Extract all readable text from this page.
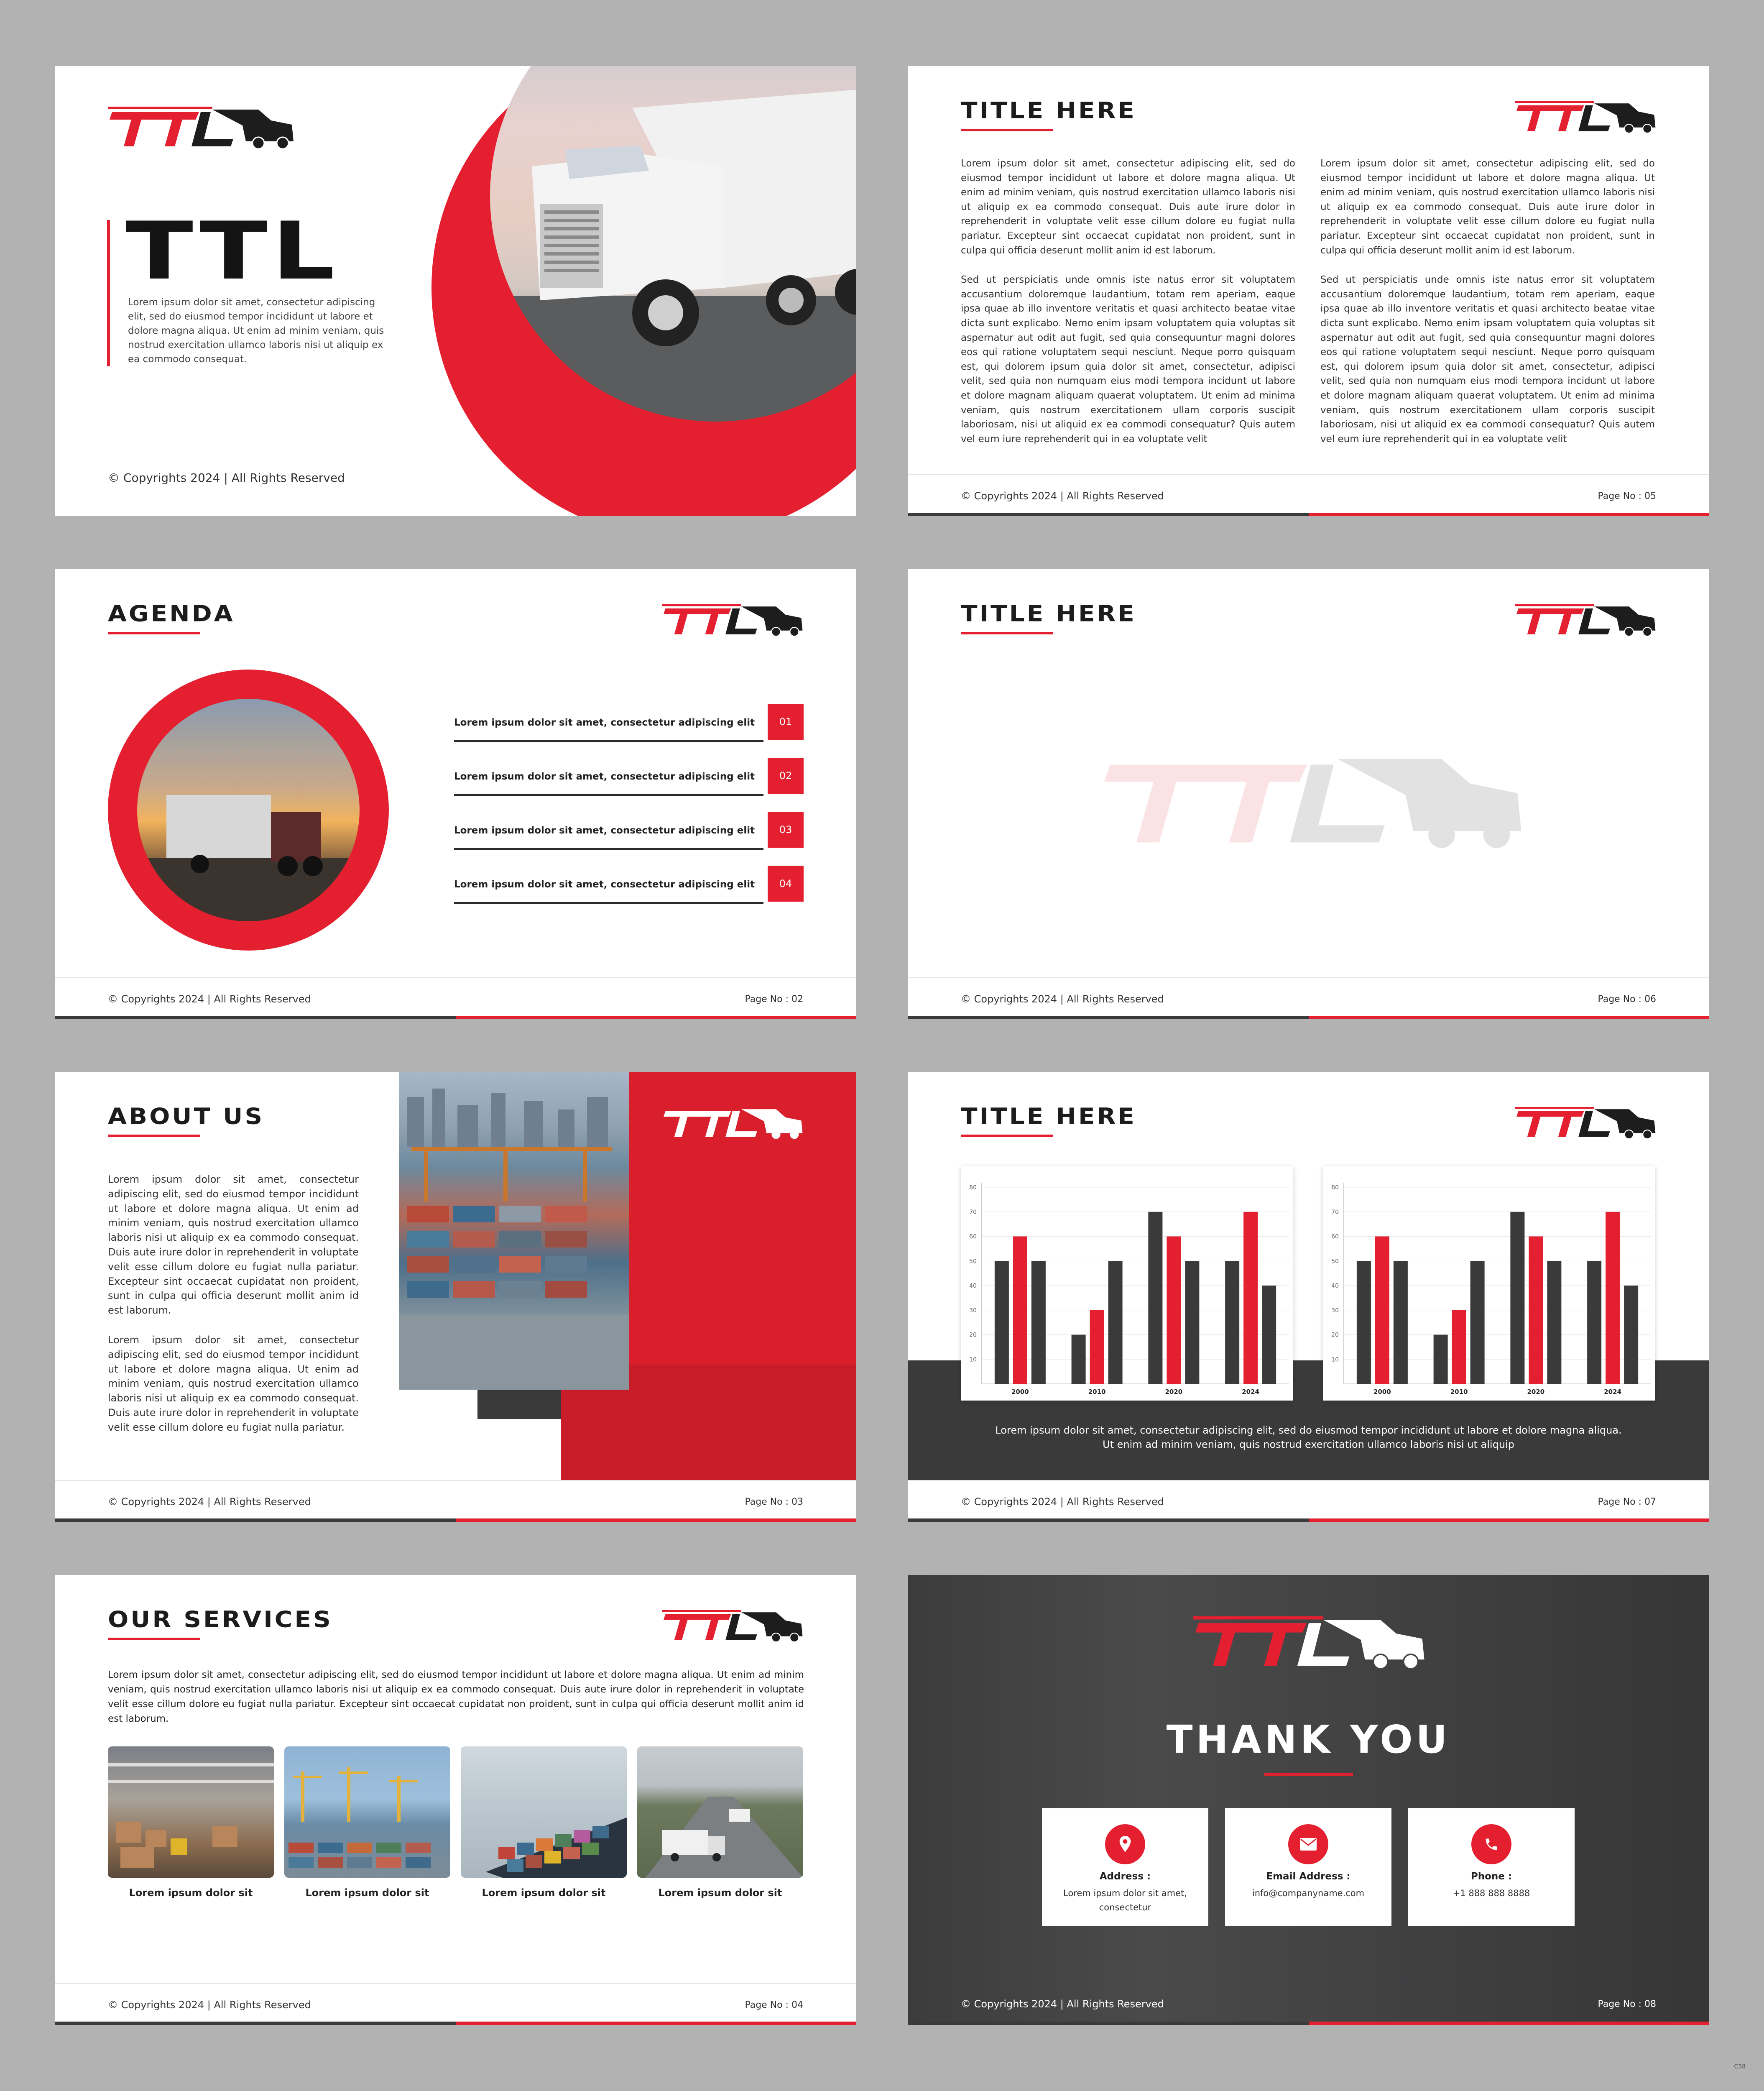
TTL
Lorem ipsum dolor sit amet, consectetur adipiscing elit, sed do eiusmod tempor incididunt ut labore et dolore magna aliqua. Ut enim ad minim veniam, quis nostrud exercitation ullamco laboris nisi ut aliquip ex ea commodo consequat.
© Copyrights 2024 | All Rights Reserved
TITLE HERE

Lorem ipsum dolor sit amet, consectetur adipiscing elit, sed do eiusmod tempor incididunt ut labore et dolore magna aliqua. Ut enim ad minim veniam, quis nostrud exercitation ullamco laboris nisi ut aliquip ex ea commodo consequat. Duis aute irure dolor in reprehenderit in voluptate velit esse cillum dolore eu fugiat nulla pariatur. Excepteur sint occaecat cupidatat non proident, sunt in culpa qui officia deserunt mollit anim id est laborum.

Sed ut perspiciatis unde omnis iste natus error sit voluptatem accusantium doloremque laudantium, totam rem aperiam, eaque ipsa quae ab illo inventore veritatis et quasi architecto beatae vitae dicta sunt explicabo. Nemo enim ipsam voluptatem quia voluptas sit aspernatur aut odit aut fugit, sed quia consequuntur magni dolores eos qui ratione voluptatem sequi nesciunt. Neque porro quisquam est, qui dolorem ipsum quia dolor sit amet, consectetur, adipisci velit, sed quia non numquam eius modi tempora incidunt ut labore et dolore magnam aliquam quaerat voluptatem. Ut enim ad minima veniam, quis nostrum exercitationem ullam corporis suscipit laboriosam, nisi ut aliquid ex ea commodi consequatur? Quis autem vel eum iure reprehenderit qui in ea voluptate velit

Lorem ipsum dolor sit amet, consectetur adipiscing elit, sed do eiusmod tempor incididunt ut labore et dolore magna aliqua. Ut enim ad minim veniam, quis nostrud exercitation ullamco laboris nisi ut aliquip ex ea commodo consequat. Duis aute irure dolor in reprehenderit in voluptate velit esse cillum dolore eu fugiat nulla pariatur. Excepteur sint occaecat cupidatat non proident, sunt in culpa qui officia deserunt mollit anim id est laborum.

Sed ut perspiciatis unde omnis iste natus error sit voluptatem accusantium doloremque laudantium, totam rem aperiam, eaque ipsa quae ab illo inventore veritatis et quasi architecto beatae vitae dicta sunt explicabo. Nemo enim ipsam voluptatem quia voluptas sit aspernatur aut odit aut fugit, sed quia consequuntur magni dolores eos qui ratione voluptatem sequi nesciunt. Neque porro quisquam est, qui dolorem ipsum quia dolor sit amet, consectetur, adipisci velit, sed quia non numquam eius modi tempora incidunt ut labore et dolore magnam aliquam quaerat voluptatem. Ut enim ad minima veniam, quis nostrum exercitationem ullam corporis suscipit laboriosam, nisi ut aliquid ex ea commodi consequatur? Quis autem vel eum iure reprehenderit qui in ea voluptate velit

© Copyrights 2024 | All Rights Reserved	Page No : 05
AGENDA
Lorem ipsum dolor sit amet, consectetur adipiscing elit	01
Lorem ipsum dolor sit amet, consectetur adipiscing elit	02
Lorem ipsum dolor sit amet, consectetur adipiscing elit	03
Lorem ipsum dolor sit amet, consectetur adipiscing elit	04
© Copyrights 2024 | All Rights Reserved	Page No : 02
TITLE HERE
© Copyrights 2024 | All Rights Reserved	Page No : 06
ABOUT US

Lorem ipsum dolor sit amet, consectetur adipiscing elit, sed do eiusmod tempor incididunt ut labore et dolore magna aliqua. Ut enim ad minim veniam, quis nostrud exercitation ullamco laboris nisi ut aliquip ex ea commodo consequat. Duis aute irure dolor in reprehenderit in voluptate velit esse cillum dolore eu fugiat nulla pariatur. Excepteur sint occaecat cupidatat non proident, sunt in culpa qui officia deserunt mollit anim id est laborum.

Lorem ipsum dolor sit amet, consectetur adipiscing elit, sed do eiusmod tempor incididunt ut labore et dolore magna aliqua. Ut enim ad minim veniam, quis nostrud exercitation ullamco laboris nisi ut aliquip ex ea commodo consequat. Duis aute irure dolor in reprehenderit in voluptate velit esse cillum dolore eu fugiat nulla pariatur.

© Copyrights 2024 | All Rights Reserved	Page No : 03
TITLE HERE
10
20
30
40
50
60
70
80
2000	2010	2020	2024
10
20
30
40
50
60
70
80
2000	2010	2020	2024
Lorem ipsum dolor sit amet, consectetur adipiscing elit, sed do eiusmod tempor incididunt ut labore et dolore magna aliqua. Ut enim ad minim veniam, quis nostrud exercitation ullamco laboris nisi ut aliquip
© Copyrights 2024 | All Rights Reserved	Page No : 07
OUR SERVICES
Lorem ipsum dolor sit amet, consectetur adipiscing elit, sed do eiusmod tempor incididunt ut labore et dolore magna aliqua. Ut enim ad minim veniam, quis nostrud exercitation ullamco laboris nisi ut aliquip ex ea commodo consequat. Duis aute irure dolor in reprehenderit in voluptate velit esse cillum dolore eu fugiat nulla pariatur. Excepteur sint occaecat cupidatat non proident, sunt in culpa qui officia deserunt mollit anim id est laborum.
Lorem ipsum dolor sit	Lorem ipsum dolor sit	Lorem ipsum dolor sit	Lorem ipsum dolor sit
© Copyrights 2024 | All Rights Reserved	Page No : 04
THANK YOU
Address :
Lorem ipsum dolor sit amet, consectetur
Email Address :
info@companyname.com
Phone :
+1 888 888 8888
© Copyrights 2024 | All Rights Reserved	Page No : 08
C38
